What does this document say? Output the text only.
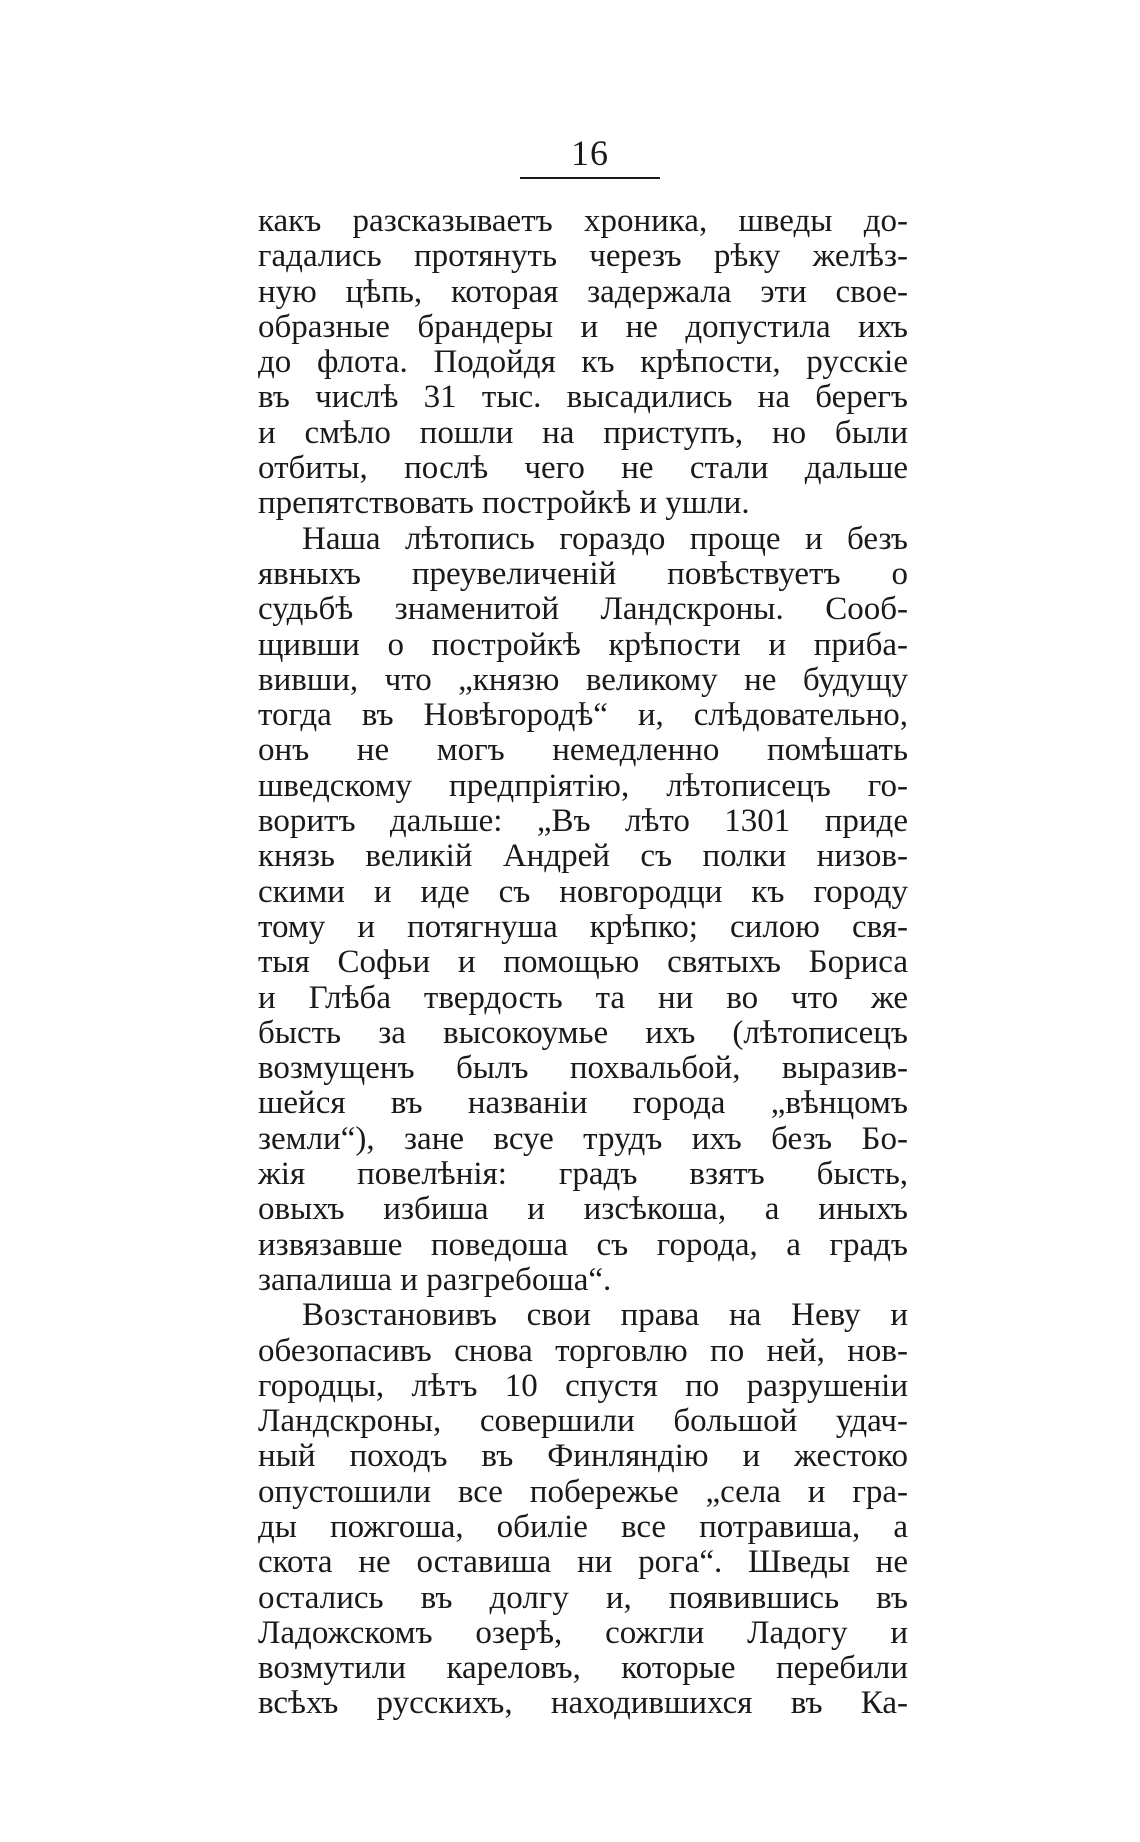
16
какъ разсказываетъ хроника, шведы до-
гадались протянуть черезъ рѣку желѣз-
ную цѣпь, которая задержала эти свое-
образные брандеры и не допустила ихъ
до флота. Подойдя къ крѣпости, русскіе
въ числѣ 31 тыс. высадились на берегъ
и смѣло пошли на приступъ, но были
отбиты, послѣ чего не стали дальше
препятствовать постройкѣ и ушли.
Наша лѣтопись гораздо проще и безъ
явныхъ преувеличеній повѣствуетъ о
судьбѣ знаменитой Ландскроны. Сооб-
щивши о постройкѣ крѣпости и приба-
вивши, что „князю великому не будущу
тогда въ Новѣгородѣ“ и, слѣдовательно,
онъ не могъ немедленно помѣшать
шведскому предпріятію, лѣтописецъ го-
воритъ дальше: „Въ лѣто 1301 приде
князь великій Андрей съ полки низов-
скими и иде съ новгородци къ городу
тому и потягнуша крѣпко; силою свя-
тыя Софьи и помощью святыхъ Бориса
и Глѣба твердость та ни во что же
бысть за высокоумье ихъ (лѣтописецъ
возмущенъ былъ похвальбой, выразив-
шейся въ названіи города „вѣнцомъ
земли“), зане всуе трудъ ихъ безъ Бо-
жія повелѣнія: градъ взятъ бысть,
овыхъ избиша и изсѣкоша, а иныхъ
извязавше поведоша съ города, а градъ
запалиша и разгребоша“.
Возстановивъ свои права на Неву и
обезопасивъ снова торговлю по ней, нов-
городцы, лѣтъ 10 спустя по разрушеніи
Ландскроны, совершили большой удач-
ный походъ въ Финляндію и жестоко
опустошили все побережье „села и гра-
ды пожгоша, обиліе все потравиша, а
скота не оставиша ни рога“. Шведы не
остались въ долгу и, появившись въ
Ладожскомъ озерѣ, сожгли Ладогу и
возмутили кареловъ, которые перебили
всѣхъ русскихъ, находившихся въ Ка-
